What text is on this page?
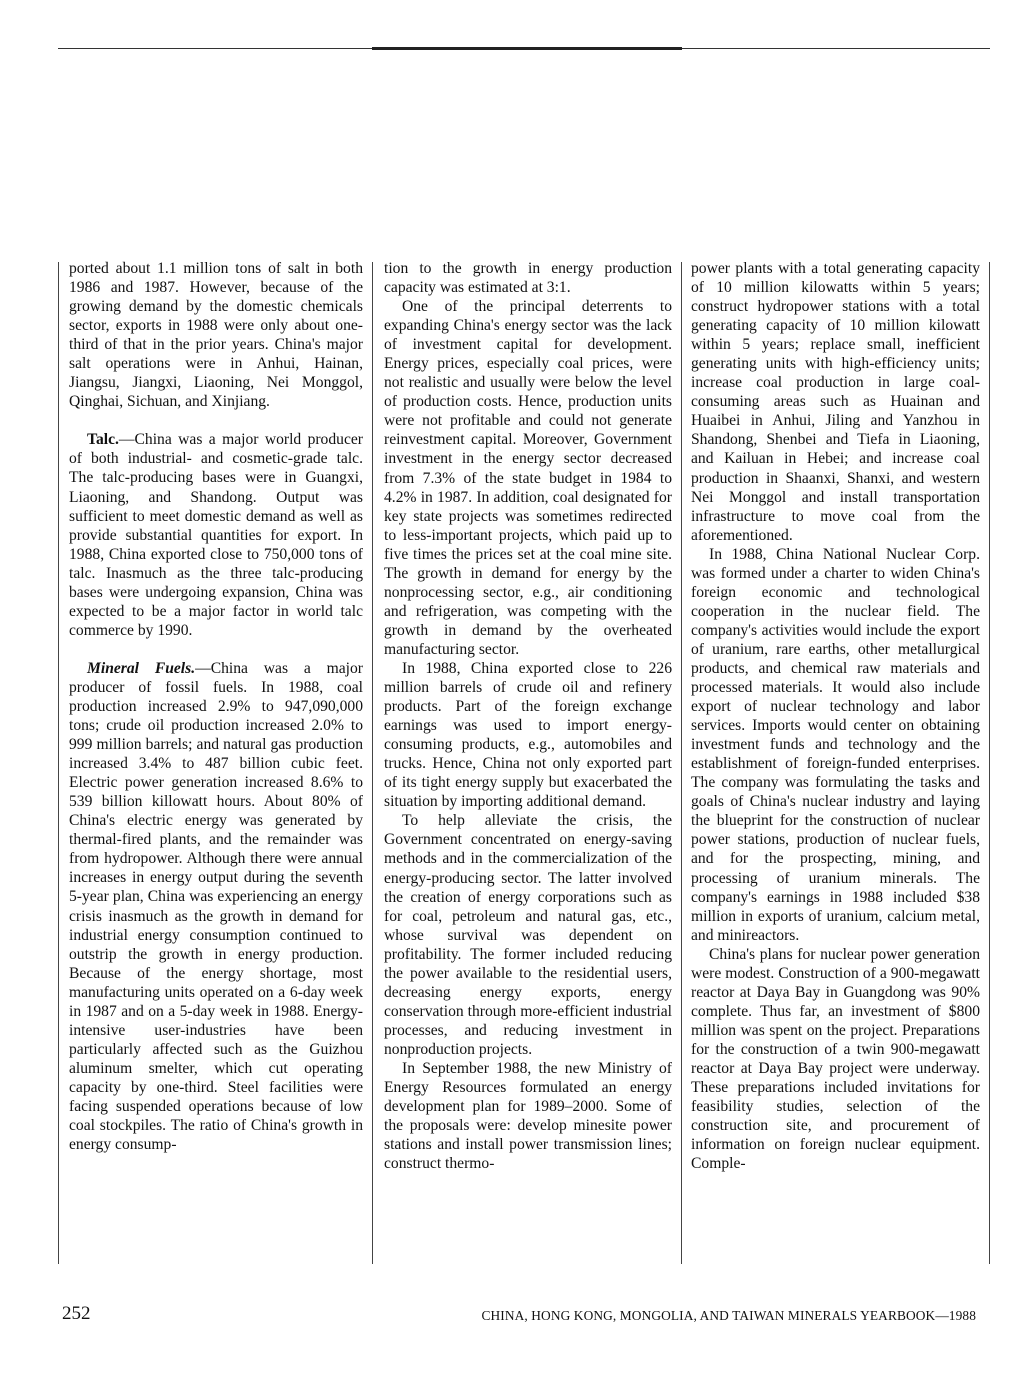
ported about 1.1 million tons of salt in both 1986 and 1987. However, because of the growing demand by the domestic chemicals sector, exports in 1988 were only about one-third of that in the prior years. China's major salt operations were in Anhui, Hainan, Jiangsu, Jiangxi, Liaoning, Nei Monggol, Qinghai, Sichuan, and Xinjiang.

Talc.—China was a major world producer of both industrial- and cosmetic-grade talc. The talc-producing bases were in Guangxi, Liaoning, and Shandong. Output was sufficient to meet domestic demand as well as provide substantial quantities for export. In 1988, China exported close to 750,000 tons of talc. Inasmuch as the three talc-producing bases were undergoing expansion, China was expected to be a major factor in world talc commerce by 1990.

Mineral Fuels.—China was a major producer of fossil fuels. In 1988, coal production increased 2.9% to 947,090,000 tons; crude oil production increased 2.0% to 999 million barrels; and natural gas production increased 3.4% to 487 billion cubic feet. Electric power generation increased 8.6% to 539 billion killowatt hours. About 80% of China's electric energy was generated by thermal-fired plants, and the remainder was from hydropower. Although there were annual increases in energy output during the seventh 5-year plan, China was experiencing an energy crisis inasmuch as the growth in demand for industrial energy consumption continued to outstrip the growth in energy production. Because of the energy shortage, most manufacturing units operated on a 6-day week in 1987 and on a 5-day week in 1988. Energy-intensive user-industries have been particularly affected such as the Guizhou aluminum smelter, which cut operating capacity by one-third. Steel facilities were facing suspended operations because of low coal stockpiles. The ratio of China's growth in energy consump-

tion to the growth in energy production capacity was estimated at 3:1.

One of the principal deterrents to expanding China's energy sector was the lack of investment capital for development. Energy prices, especially coal prices, were not realistic and usually were below the level of production costs. Hence, production units were not profitable and could not generate reinvestment capital. Moreover, Government investment in the energy sector decreased from 7.3% of the state budget in 1984 to 4.2% in 1987. In addition, coal designated for key state projects was sometimes redirected to less-important projects, which paid up to five times the prices set at the coal mine site. The growth in demand for energy by the nonprocessing sector, e.g., air conditioning and refrigeration, was competing with the growth in demand by the overheated manufacturing sector.

In 1988, China exported close to 226 million barrels of crude oil and refinery products. Part of the foreign exchange earnings was used to import energy-consuming products, e.g., automobiles and trucks. Hence, China not only exported part of its tight energy supply but exacerbated the situation by importing additional demand.

To help alleviate the crisis, the Government concentrated on energy-saving methods and in the commercialization of the energy-producing sector. The latter involved the creation of energy corporations such as for coal, petroleum and natural gas, etc., whose survival was dependent on profitability. The former included reducing the power available to the residential users, decreasing energy exports, energy conservation through more-efficient industrial processes, and reducing investment in nonproduction projects.

In September 1988, the new Ministry of Energy Resources formulated an energy development plan for 1989–2000. Some of the proposals were: develop minesite power stations and install power transmission lines; construct thermo-

power plants with a total generating capacity of 10 million kilowatts within 5 years; construct hydropower stations with a total generating capacity of 10 million kilowatt within 5 years; replace small, inefficient generating units with high-efficiency units; increase coal production in large coal-consuming areas such as Huainan and Huaibei in Anhui, Jiling and Yanzhou in Shandong, Shenbei and Tiefa in Liaoning, and Kailuan in Hebei; and increase coal production in Shaanxi, Shanxi, and western Nei Monggol and install transportation infrastructure to move coal from the aforementioned.

In 1988, China National Nuclear Corp. was formed under a charter to widen China's foreign economic and technological cooperation in the nuclear field. The company's activities would include the export of uranium, rare earths, other metallurgical products, and chemical raw materials and processed materials. It would also include export of nuclear technology and labor services. Imports would center on obtaining investment funds and technology and the establishment of foreign-funded enterprises. The company was formulating the tasks and goals of China's nuclear industry and laying the blueprint for the construction of nuclear power stations, production of nuclear fuels, and for the prospecting, mining, and processing of uranium minerals. The company's earnings in 1988 included $38 million in exports of uranium, calcium metal, and minireactors.

China's plans for nuclear power generation were modest. Construction of a 900-megawatt reactor at Daya Bay in Guangdong was 90% complete. Thus far, an investment of $800 million was spent on the project. Preparations for the construction of a twin 900-megawatt reactor at Daya Bay project were underway. These preparations included invitations for feasibility studies, selection of the construction site, and procurement of information on foreign nuclear equipment. Comple-

252	CHINA, HONG KONG, MONGOLIA, AND TAIWAN MINERALS YEARBOOK—1988
